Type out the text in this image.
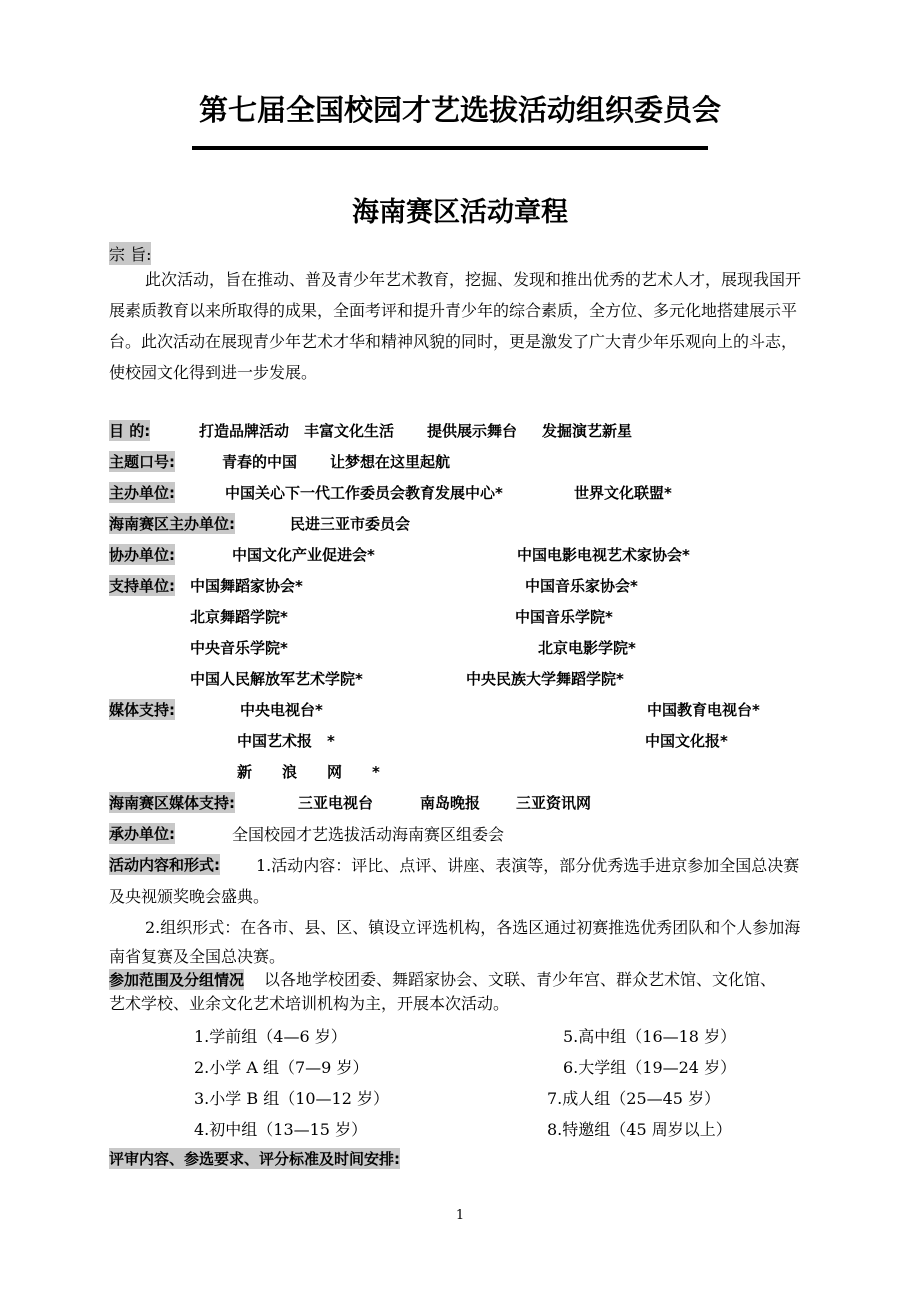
第七届全国校园才艺选拔活动组织委员会
海南赛区活动章程
宗 旨:
此次活动，旨在推动、普及青少年艺术教育，挖掘、发现和推出优秀的艺术人才，展现我国开
展素质教育以来所取得的成果，全面考评和提升青少年的综合素质，全方位、多元化地搭建展示平
台。此次活动在展现青少年艺术才华和精神风貌的同时，更是激发了广大青少年乐观向上的斗志，
使校园文化得到进一步发展。
目 的:	打造品牌活动 丰富文化生活 提供展示舞台 发掘演艺新星
主题口号:	青春的中国 让梦想在这里起航
主办单位:	中国关心下一代工作委员会教育发展中心*	世界文化联盟*
海南赛区主办单位:	民进三亚市委员会
协办单位:	中国文化产业促进会*	中国电影电视艺术家协会*
支持单位: 中国舞蹈家协会*	中国音乐家协会*
北京舞蹈学院*	中国音乐学院*
中央音乐学院*	北京电影学院*
中国人民解放军艺术学院*	中央民族大学舞蹈学院*
媒体支持:	中央电视台*	中国教育电视台*
中国艺术报　*	中国文化报*
新　　浪　　网　　*
海南赛区媒体支持:	三亚电视台	南岛晚报 三亚资讯网
承办单位:	全国校园才艺选拔活动海南赛区组委会
活动内容和形式: 1.活动内容：评比、点评、讲座、表演等，部分优秀选手进京参加全国总决赛
及央视颁奖晚会盛典。
2.组织形式：在各市、县、区、镇设立评选机构，各选区通过初赛推选优秀团队和个人参加海
南省复赛及全国总决赛。
参加范围及分组情况 以各地学校团委、舞蹈家协会、文联、青少年宫、群众艺术馆、文化馆、
艺术学校、业余文化艺术培训机构为主，开展本次活动。
1.学前组（4—6 岁）	5.高中组（16—18 岁）
2.小学 A 组（7—9 岁）	6.大学组（19—24 岁）
3.小学 B 组（10—12 岁）	7.成人组（25—45 岁）
4.初中组（13—15 岁）	8.特邀组（45 周岁以上）
评审内容、参选要求、评分标准及时间安排:
1
